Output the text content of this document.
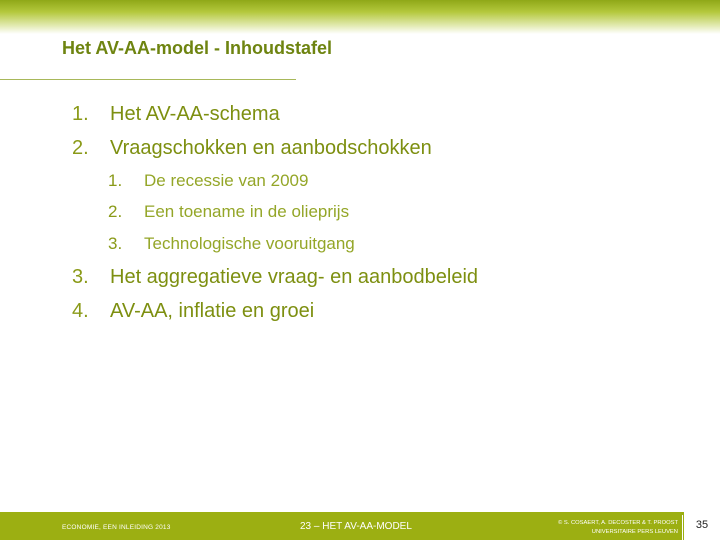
Het AV-AA-model - Inhoudstafel
1. Het AV-AA-schema
2. Vraagschokken en aanbodschokken
1. De recessie van 2009
2. Een toename in de olieprijs
3. Technologische vooruitgang
3. Het aggregatieve vraag- en aanbodbeleid
4. AV-AA, inflatie en groei
ECONOMIE, EEN INLEIDING 2013	23 – HET AV-AA-MODEL	© S. COSAERT, A. DECOSTER & T. PROOST
UNIVERSITAIRE PERS LEUVEN
35
